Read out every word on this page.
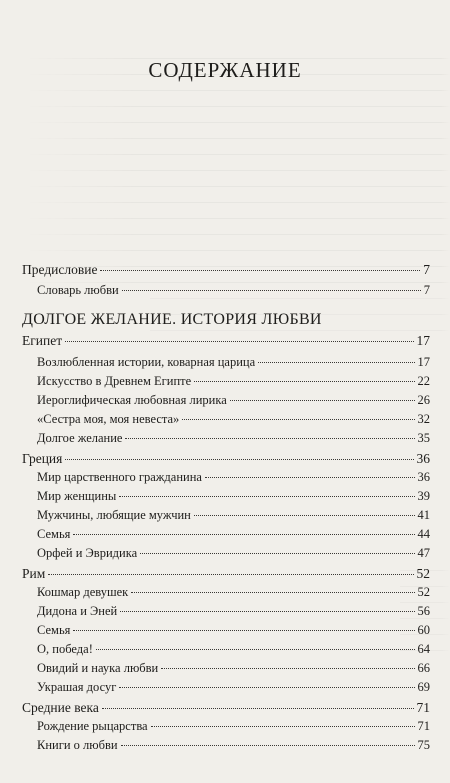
СОДЕРЖАНИЕ
Предисловие	7
Словарь любви	7
ДОЛГОЕ ЖЕЛАНИЕ. ИСТОРИЯ ЛЮБВИ
Египет	17
Возлюбленная истории, коварная царица	17
Искусство в Древнем Египте	22
Иероглифическая любовная лирика	26
«Сестра моя, моя невеста»	32
Долгое желание	35
Греция	36
Мир царственного гражданина	36
Мир женщины	39
Мужчины, любящие мужчин	41
Семья	44
Орфей и Эвридика	47
Рим	52
Кошмар девушек	52
Дидона и Эней	56
Семья	60
О, победа!	64
Овидий и наука любви	66
Украшая досуг	69
Средние века	71
Рождение рыцарства	71
Книги о любви	75
